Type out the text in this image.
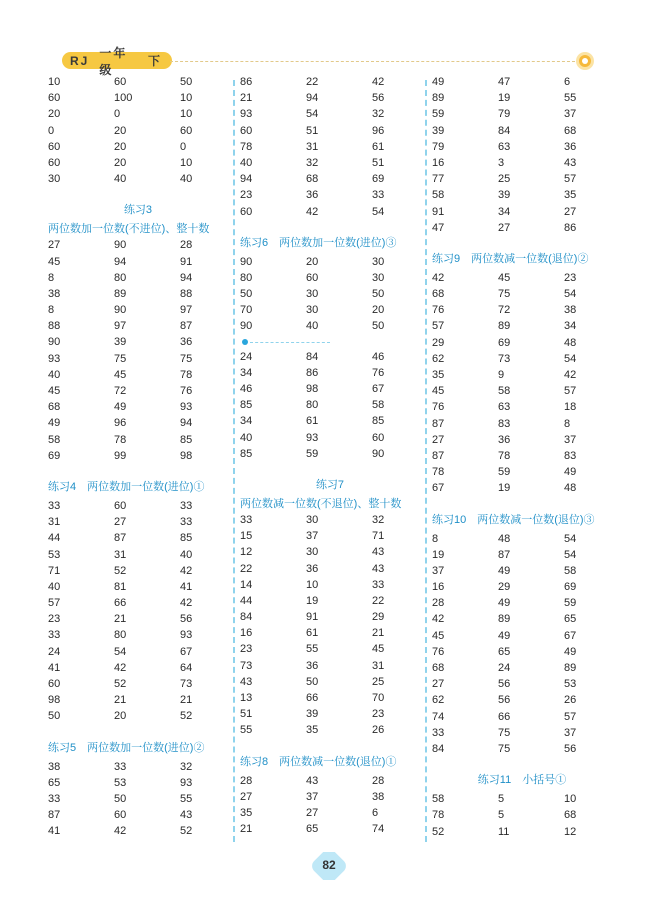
RJ
一年级
下
10	60	50
60	100	10
20	0	10
0	20	60
60	20	0
60	20	10
30	40	40
练习3
两位数加一位数(不进位)、整十数
27	90	28
45	94	91
8	80	94
38	89	88
8	90	97
88	97	87
90	39	36
93	75	75
40	45	78
45	72	76
68	49	93
49	96	94
58	78	85
69	99	98
练习4　两位数加一位数(进位)①
33	60	33
31	27	33
44	87	85
53	31	40
71	52	42
40	81	41
57	66	42
23	21	56
33	80	93
24	54	67
41	42	64
60	52	73
98	21	21
50	20	52
练习5　两位数加一位数(进位)②
38	33	32
65	53	93
33	50	55
87	60	43
41	42	52
86	22	42
21	94	56
93	54	32
60	51	96
78	31	61
40	32	51
94	68	69
23	36	33
60	42	54
练习6　两位数加一位数(进位)③
90	20	30
80	60	30
50	30	50
70	30	20
90	40	50
24	84	46
34	86	76
46	98	67
85	80	58
34	61	85
40	93	60
85	59	90
练习7
两位数减一位数(不退位)、整十数
33	30	32
15	37	71
12	30	43
22	36	43
14	10	33
44	19	22
84	91	29
16	61	21
23	55	45
73	36	31
43	50	25
13	66	70
51	39	23
55	35	26
练习8　两位数减一位数(退位)①
28	43	28
27	37	38
35	27	6
21	65	74
49	47	6
89	19	55
59	79	37
39	84	68
79	63	36
16	3	43
77	25	57
58	39	35
91	34	27
47	27	86
练习9　两位数减一位数(退位)②
42	45	23
68	75	54
76	72	38
57	89	34
29	69	48
62	73	54
35	9	42
45	58	57
76	63	18
87	83	8
27	36	37
87	78	83
78	59	49
67	19	48
练习10　两位数减一位数(退位)③
8	48	54
19	87	54
37	49	58
16	29	69
28	49	59
42	89	65
45	49	67
76	65	49
68	24	89
27	56	53
62	56	26
74	66	57
33	75	37
84	75	56
练习11　小括号①
58	5	10
78	5	68
52	11	12
82
